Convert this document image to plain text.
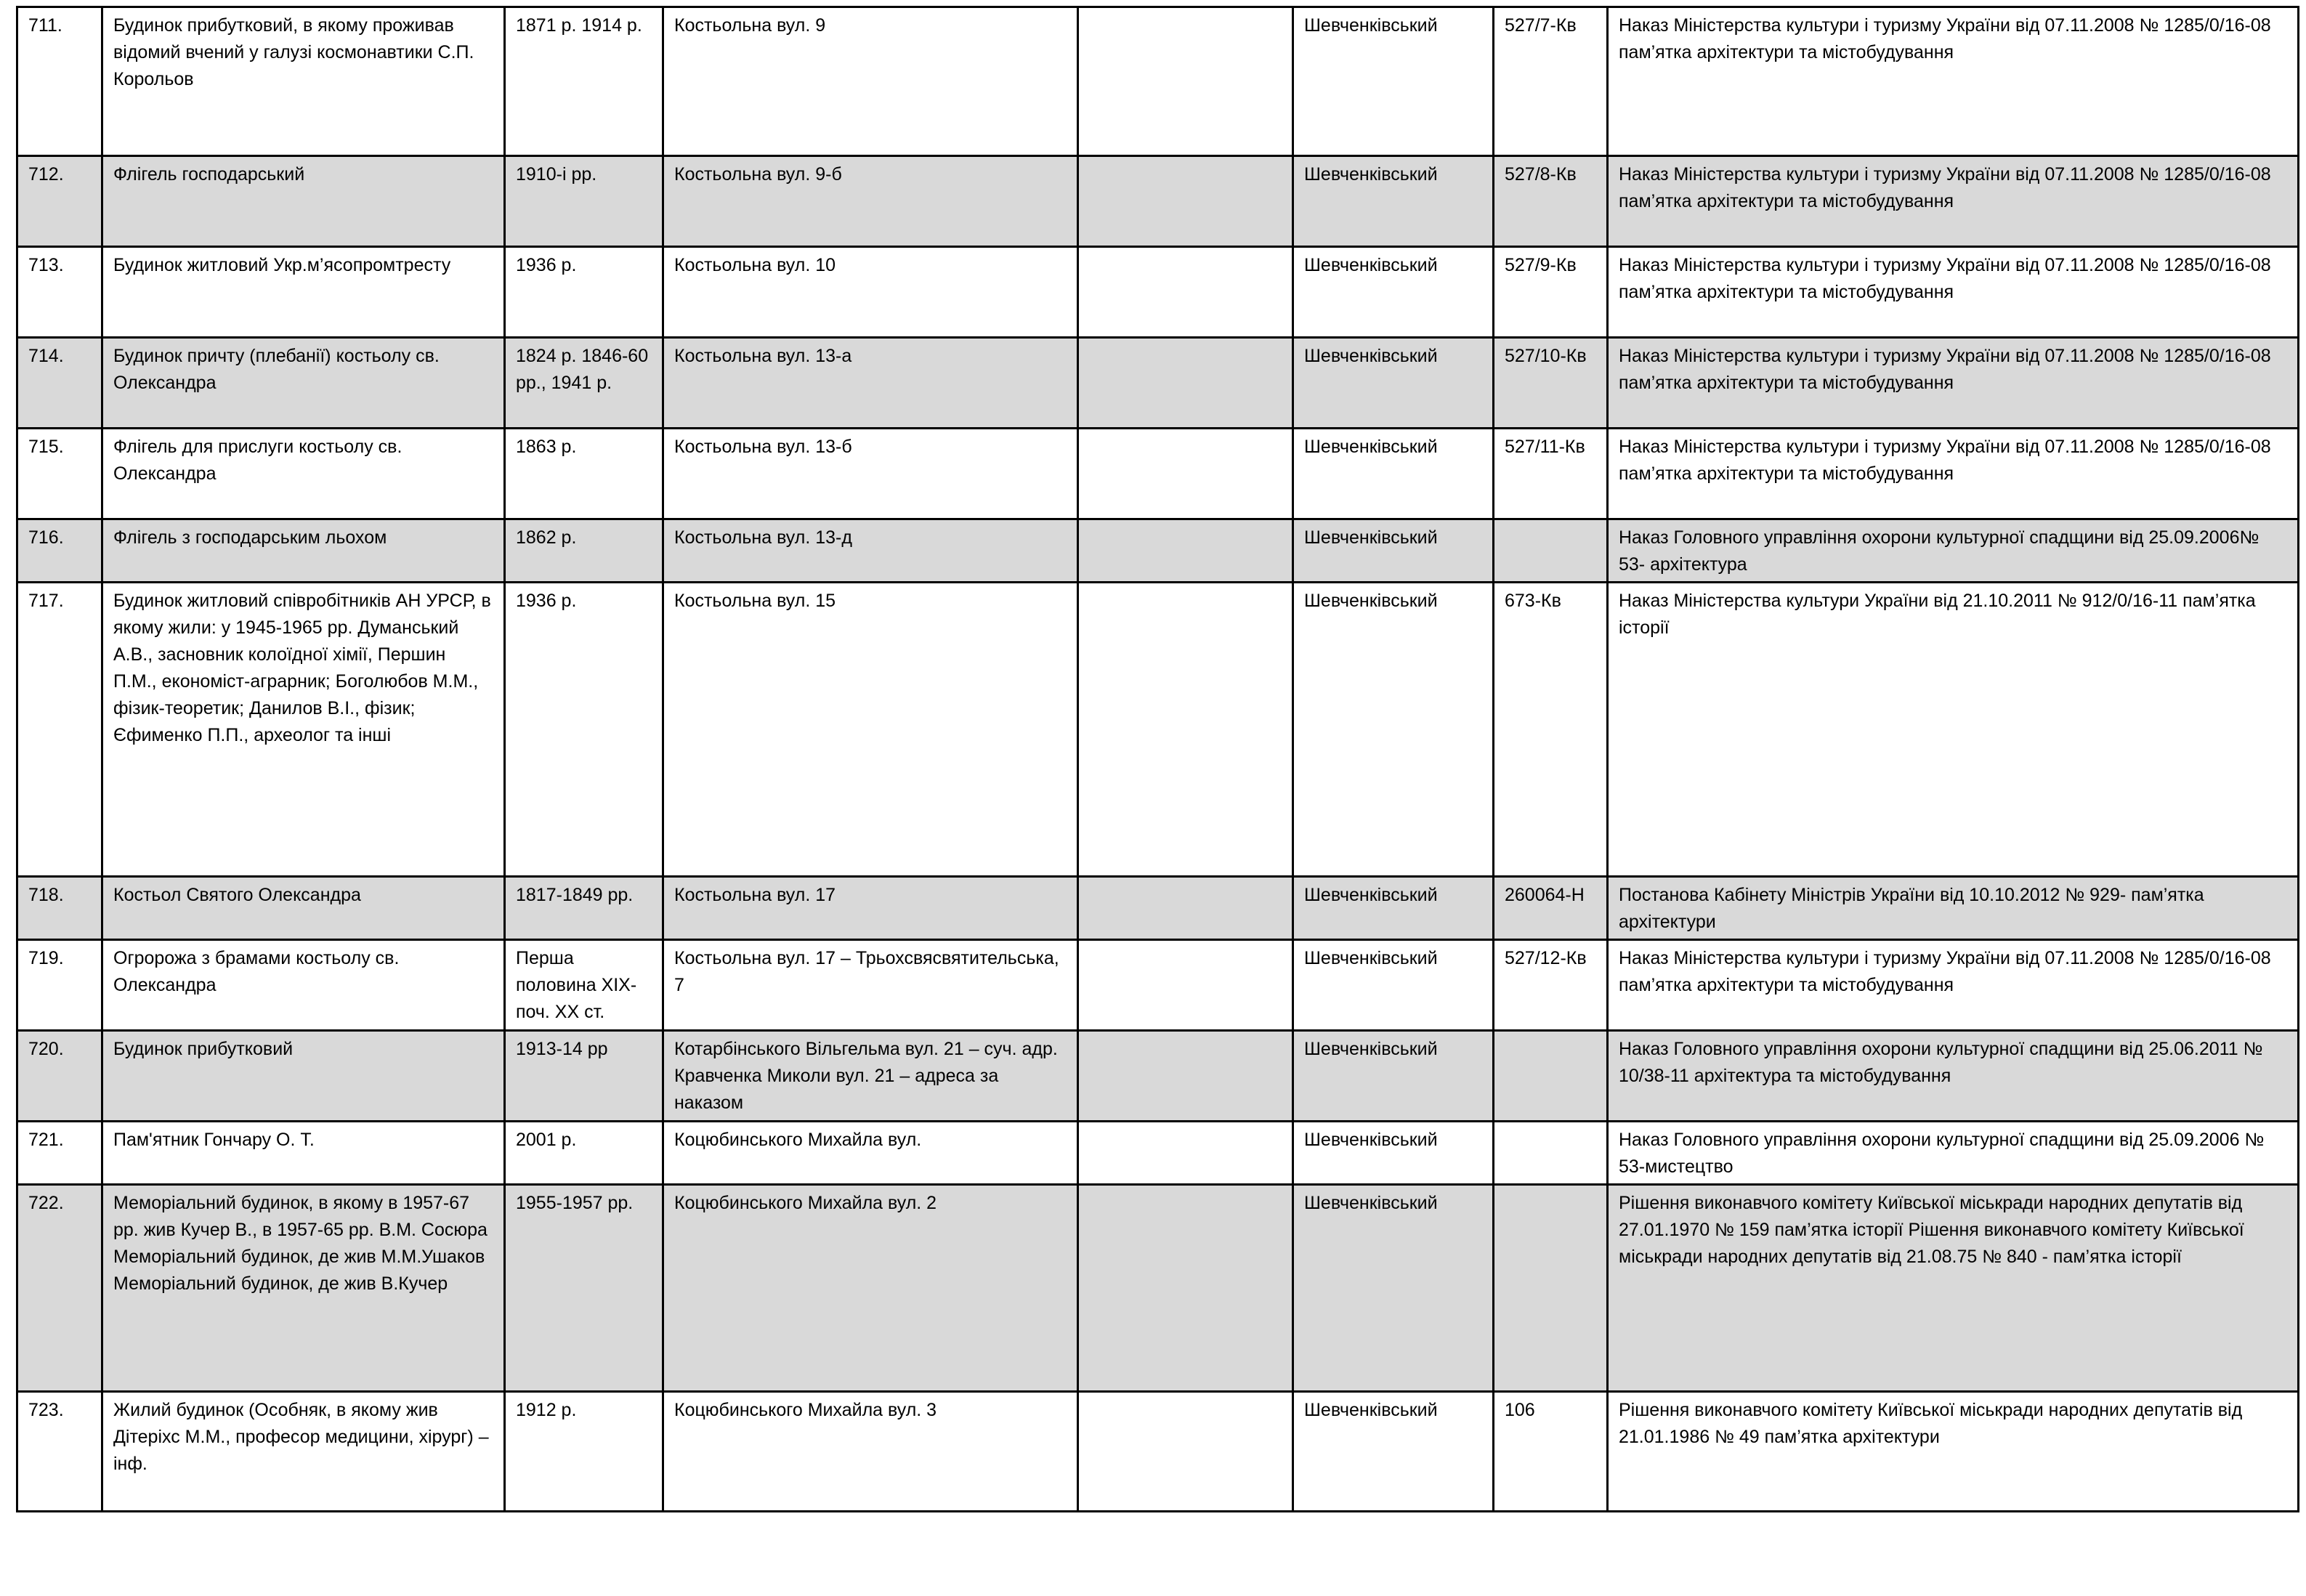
711.	Будинок прибутковий, в якому проживав відомий вчений у галузі космонавтики С.П. Корольов	1871 р. 1914 р.	Костьольна вул. 9		Шевченківський	527/7-Кв	Наказ Міністерства культури і туризму України від 07.11.2008 № 1285/0/16-08 пам’ятка архітектури та містобудування
712.	Флігель господарський	1910-і рр.	Костьольна вул. 9-б		Шевченківський	527/8-Кв	Наказ Міністерства культури і туризму України від 07.11.2008 № 1285/0/16-08 пам’ятка архітектури та містобудування
713.	Будинок житловий Укр.м’ясопромтресту	1936 р.	Костьольна вул. 10		Шевченківський	527/9-Кв	Наказ Міністерства культури і туризму України від 07.11.2008 № 1285/0/16-08 пам’ятка архітектури та містобудування
714.	Будинок причту (плебанії) костьолу св. Олександра	1824 р. 1846-60 рр., 1941 р.	Костьольна вул. 13-а		Шевченківський	527/10-Кв	Наказ Міністерства культури і туризму України від 07.11.2008 № 1285/0/16-08 пам’ятка архітектури та містобудування
715.	Флігель для прислуги костьолу св. Олександра	1863 р.	Костьольна вул. 13-б		Шевченківський	527/11-Кв	Наказ Міністерства культури і туризму України від 07.11.2008 № 1285/0/16-08 пам’ятка архітектури та містобудування
716.	Флігель з господарським льохом	1862 р.	Костьольна вул. 13-д		Шевченківський		Наказ Головного управління охорони культурної спадщини від 25.09.2006№ 53- архітектура
717.	Будинок житловий співробітників АН УРСР, в якому жили: у 1945-1965 рр. Думанський А.В., засновник колоїдної хімії, Першин П.М., економіст-аграрник; Боголюбов М.М., фізик-теоретик; Данилов В.І., фізик; Єфименко П.П., археолог та інші	1936 р.	Костьольна вул. 15		Шевченківський	673-Кв	Наказ Міністерства культури України від 21.10.2011 № 912/0/16-11 пам’ятка історії
718.	Костьол Святого Олександра	1817-1849 рр.	Костьольна вул. 17		Шевченківський	260064-Н	Постанова Кабінету Міністрів України від 10.10.2012 № 929- пам’ятка архітектури
719.	Огророжа з брамами костьолу св. Олександра	Перша половина XIX-поч. XX ст.	Костьольна вул. 17 – Трьохсвясвятительська, 7		Шевченківський	527/12-Кв	Наказ Міністерства культури і туризму України від 07.11.2008 № 1285/0/16-08 пам’ятка архітектури та містобудування
720.	Будинок прибутковий	1913-14 рр	Котарбінського Вільгельма вул. 21 – суч. адр. Кравченка Миколи вул. 21 – адреса за наказом		Шевченківський		Наказ Головного управління охорони культурної спадщини від 25.06.2011 № 10/38-11 архітектура та містобудування
721.	Пам'ятник Гончару О. Т.	2001 р.	Коцюбинського Михайла вул.		Шевченківський		Наказ Головного управління охорони культурної спадщини від 25.09.2006 № 53-мистецтво
722.	Меморіальний будинок, в якому в 1957-67 рр. жив Кучер В., в 1957-65 рр. В.М. Сосюра Меморіальний будинок, де жив М.М.Ушаков Меморіальний будинок, де жив В.Кучер	1955-1957 рр.	Коцюбинського Михайла вул. 2		Шевченківський		Рішення виконавчого комітету Київської міськради народних депутатів від 27.01.1970 № 159 пам’ятка історії Рішення виконавчого комітету Київської міськради народних депутатів від 21.08.75 № 840 - пам’ятка історії
723.	Жилий будинок (Особняк, в якому жив Дітеріхс М.М., професор медицини, хірург) –інф.	1912 р.	Коцюбинського Михайла вул. 3		Шевченківський	106	Рішення виконавчого комітету Київської міськради народних депутатів від 21.01.1986 № 49 пам’ятка архітектури
